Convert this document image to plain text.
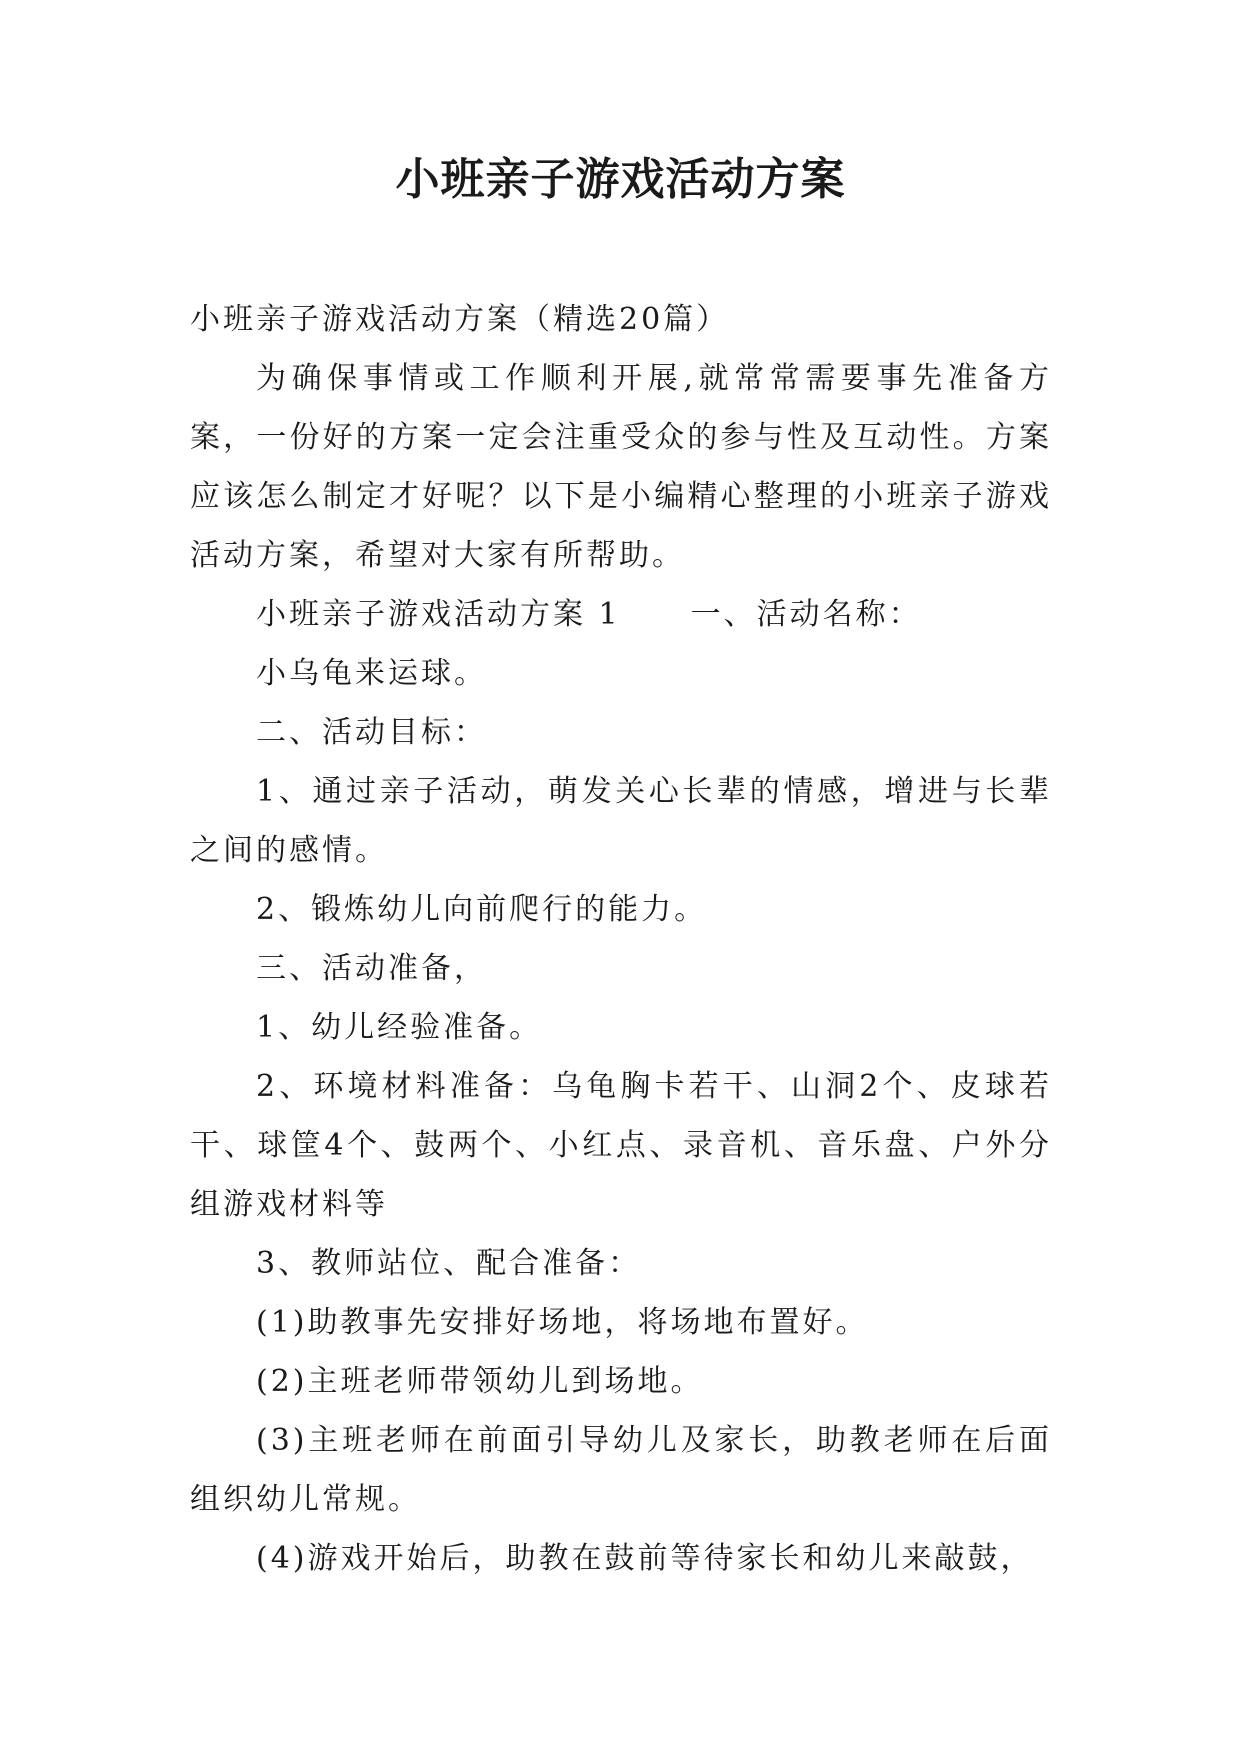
小班亲子游戏活动方案

小班亲子游戏活动方案（精选20篇）

为确保事情或工作顺利开展,就常常需要事先准备方案，一份好的方案一定会注重受众的参与性及互动性。方案应该怎么制定才好呢？以下是小编精心整理的小班亲子游戏活动方案，希望对大家有所帮助。

小班亲子游戏活动方案 1 一、活动名称：

小乌龟来运球。

二、活动目标：

1、通过亲子活动，萌发关心长辈的情感，增进与长辈之间的感情。

2、锻炼幼儿向前爬行的能力。

三、活动准备，

1、幼儿经验准备。

2、环境材料准备：乌龟胸卡若干、山洞2个、皮球若干、球筐4个、鼓两个、小红点、录音机、音乐盘、户外分组游戏材料等

3、教师站位、配合准备：

(1)助教事先安排好场地，将场地布置好。

(2)主班老师带领幼儿到场地。

(3)主班老师在前面引导幼儿及家长，助教老师在后面组织幼儿常规。

(4)游戏开始后，助教在鼓前等待家长和幼儿来敲鼓，
